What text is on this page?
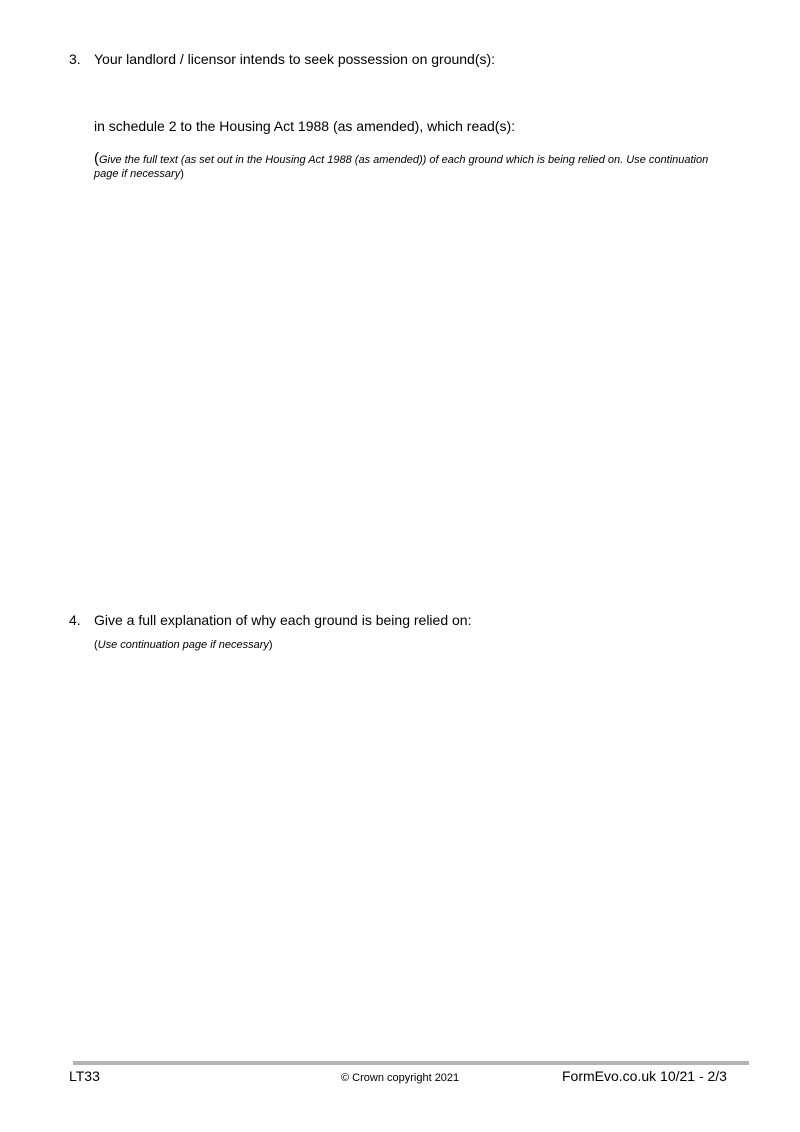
3. Your landlord / licensor intends to seek possession on ground(s):
in schedule 2 to the Housing Act 1988 (as amended), which read(s):
(Give the full text (as set out in the Housing Act 1988 (as amended)) of each ground which is being relied on. Use continuation page if necessary)
4. Give a full explanation of why each ground is being relied on:
(Use continuation page if necessary)
LT33	© Crown copyright 2021	FormEvo.co.uk 10/21 - 2/3
